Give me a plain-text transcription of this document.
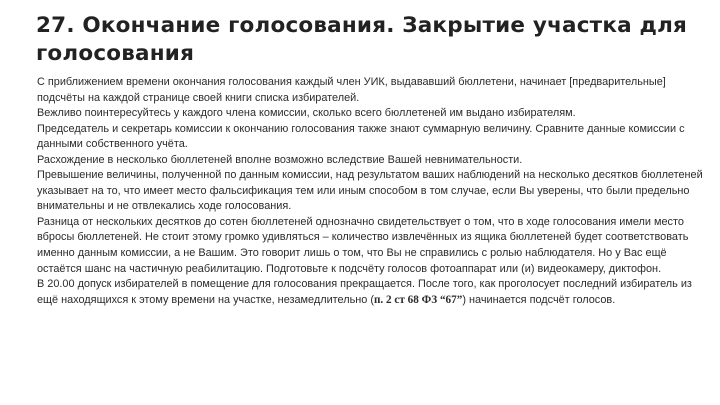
27. Окончание голосования. Закрытие участка для голосования

С приближением времени окончания голосования каждый член УИК, выдававший бюллетени, начинает [предварительные] подсчёты на каждой странице своей книги списка избирателей.

Вежливо поинтересуйтесь у каждого члена комиссии, сколько всего бюллетеней им выдано избирателям.

Председатель и секретарь комиссии к окончанию голосования также знают суммарную величину. Сравните данные комиссии с данными собственного учёта.

Расхождение в несколько бюллетеней вполне возможно вследствие Вашей невнимательности.

Превышение величины, полученной по данным комиссии, над результатом ваших наблюдений на несколько десятков бюллетеней указывает на то, что имеет место фальсификация тем или иным способом в том случае, если Вы уверены, что были предельно внимательны и не отвлекались ходе голосования.

Разница от нескольких десятков до сотен бюллетеней однозначно свидетельствует о том, что в ходе голосования имели место вбросы бюллетеней. Не стоит этому громко удивляться – количество извлечённых из ящика бюллетеней будет соответствовать именно данным комиссии, а не Вашим. Это говорит лишь о том, что Вы не справились с ролью наблюдателя. Но у Вас ещё остаётся шанс на частичную реабилитацию. Подготовьте к подсчёту голосов фотоаппарат или (и) видеокамеру, диктофон.

В 20.00 допуск избирателей в помещение для голосования прекращается. После того, как проголосует последний избиратель из ещё находящихся к этому времени на участке, незамедлительно (п. 2 ст 68 ФЗ “67”) начинается подсчёт голосов.
